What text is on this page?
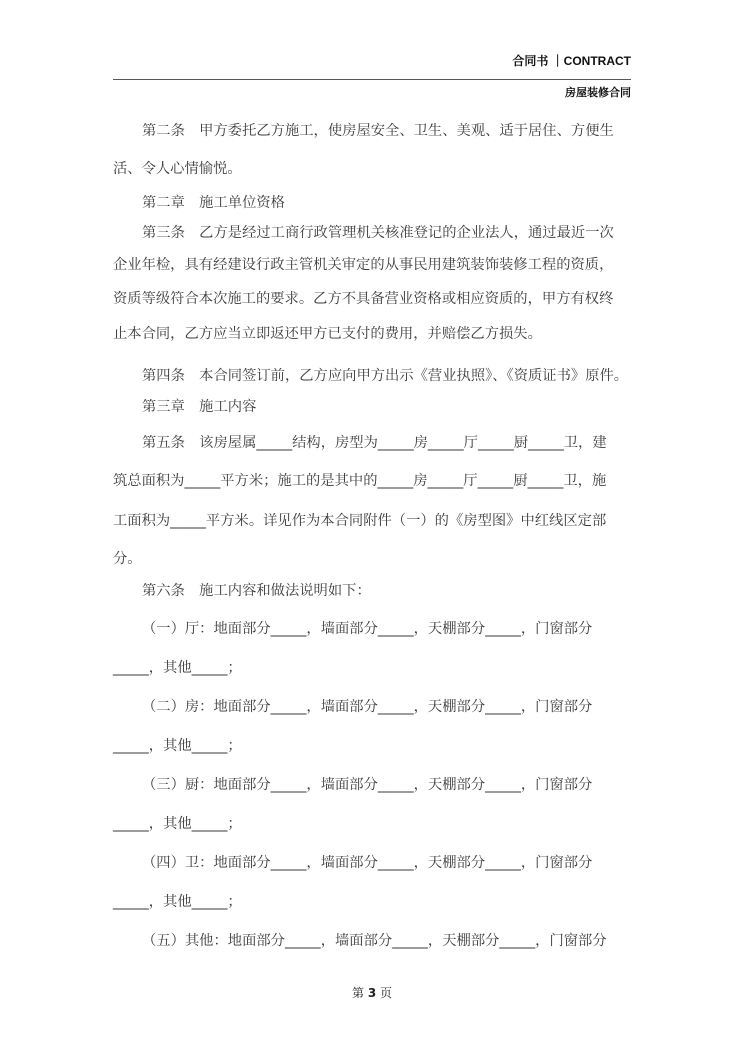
合同书 ｜CONTRACT
房屋装修合同
第二条　甲方委托乙方施工，使房屋安全、卫生、美观、适于居住、方便生
活、令人心情愉悦。
第二章　施工单位资格
第三条　乙方是经过工商行政管理机关核准登记的企业法人，通过最近一次
企业年检，具有经建设行政主管机关审定的从事民用建筑装饰装修工程的资质，
资质等级符合本次施工的要求。乙方不具备营业资格或相应资质的，甲方有权终
止本合同，乙方应当立即返还甲方已支付的费用，并赔偿乙方损失。
第四条　本合同签订前，乙方应向甲方出示《营业执照》、《资质证书》原件。
第三章　施工内容
第五条　该房屋属_____结构，房型为_____房_____厅_____厨_____卫，建
筑总面积为_____平方米；施工的是其中的_____房_____厅_____厨_____卫，施
工面积为_____平方米。详见作为本合同附件（一）的《房型图》中红线区定部
分。
第六条　施工内容和做法说明如下：
（一）厅：地面部分_____，墙面部分_____，天棚部分_____，门窗部分
_____，其他_____；
（二）房：地面部分_____，墙面部分_____，天棚部分_____，门窗部分
_____，其他_____；
（三）厨：地面部分_____，墙面部分_____，天棚部分_____，门窗部分
_____，其他_____；
（四）卫：地面部分_____，墙面部分_____，天棚部分_____，门窗部分
_____，其他_____；
（五）其他：地面部分_____，墙面部分_____，天棚部分_____，门窗部分
第 3 页
